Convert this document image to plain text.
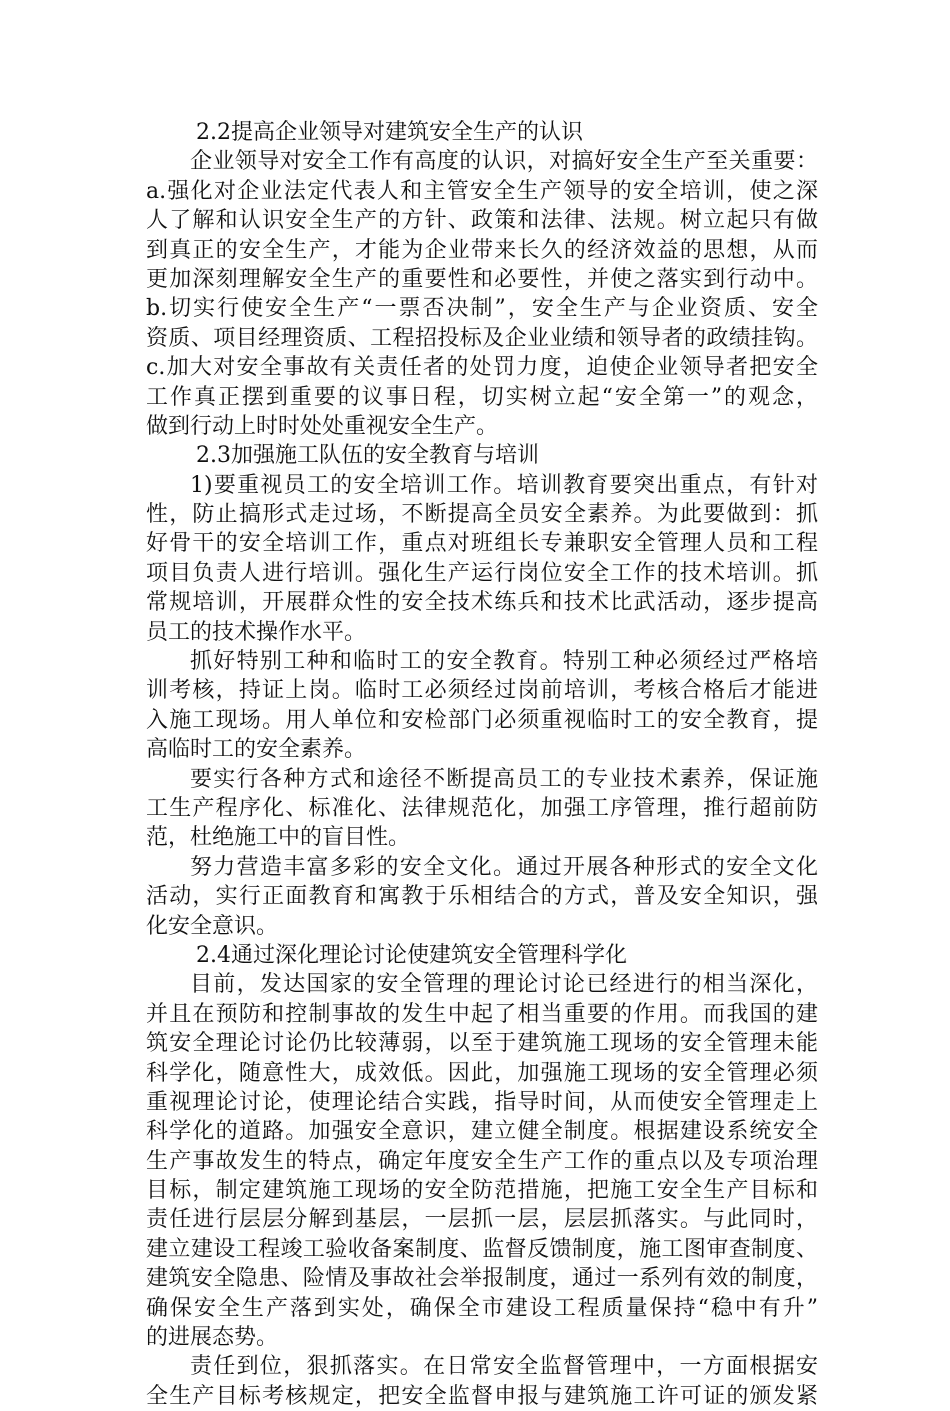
2.2提高企业领导对建筑安全生产的认识
企业领导对安全工作有高度的认识，对搞好安全生产至关重要：
a.强化对企业法定代表人和主管安全生产领导的安全培训，使之深
人了解和认识安全生产的方针、政策和法律、法规。树立起只有做
到真正的安全生产，才能为企业带来长久的经济效益的思想，从而
更加深刻理解安全生产的重要性和必要性，并使之落实到行动中。
b.切实行使安全生产“一票否决制”，安全生产与企业资质、安全
资质、项目经理资质、工程招投标及企业业绩和领导者的政绩挂钩。
c.加大对安全事故有关责任者的处罚力度，迫使企业领导者把安全
工作真正摆到重要的议事日程，切实树立起“安全第一”的观念，
做到行动上时时处处重视安全生产。
2.3加强施工队伍的安全教育与培训
1)要重视员工的安全培训工作。培训教育要突出重点，有针对
性，防止搞形式走过场，不断提高全员安全素养。为此要做到：抓
好骨干的安全培训工作，重点对班组长专兼职安全管理人员和工程
项目负责人进行培训。强化生产运行岗位安全工作的技术培训。抓
常规培训，开展群众性的安全技术练兵和技术比武活动，逐步提高
员工的技术操作水平。
抓好特别工种和临时工的安全教育。特别工种必须经过严格培
训考核，持证上岗。临时工必须经过岗前培训，考核合格后才能进
入施工现场。用人单位和安检部门必须重视临时工的安全教育，提
高临时工的安全素养。
要实行各种方式和途径不断提高员工的专业技术素养，保证施
工生产程序化、标准化、法律规范化，加强工序管理，推行超前防
范，杜绝施工中的盲目性。
努力营造丰富多彩的安全文化。通过开展各种形式的安全文化
活动，实行正面教育和寓教于乐相结合的方式，普及安全知识，强
化安全意识。
2.4通过深化理论讨论使建筑安全管理科学化
目前，发达国家的安全管理的理论讨论已经进行的相当深化，
并且在预防和控制事故的发生中起了相当重要的作用。而我国的建
筑安全理论讨论仍比较薄弱，以至于建筑施工现场的安全管理未能
科学化，随意性大，成效低。因此，加强施工现场的安全管理必须
重视理论讨论，使理论结合实践，指导时间，从而使安全管理走上
科学化的道路。加强安全意识，建立健全制度。根据建设系统安全
生产事故发生的特点，确定年度安全生产工作的重点以及专项治理
目标，制定建筑施工现场的安全防范措施，把施工安全生产目标和
责任进行层层分解到基层，一层抓一层，层层抓落实。与此同时，
建立建设工程竣工验收备案制度、监督反馈制度，施工图审查制度、
建筑安全隐患、险情及事故社会举报制度，通过一系列有效的制度，
确保安全生产落到实处，确保全市建设工程质量保持“稳中有升”
的进展态势。
责任到位，狠抓落实。在日常安全监督管理中，一方面根据安
全生产目标考核规定，把安全监督申报与建筑施工许可证的颁发紧
